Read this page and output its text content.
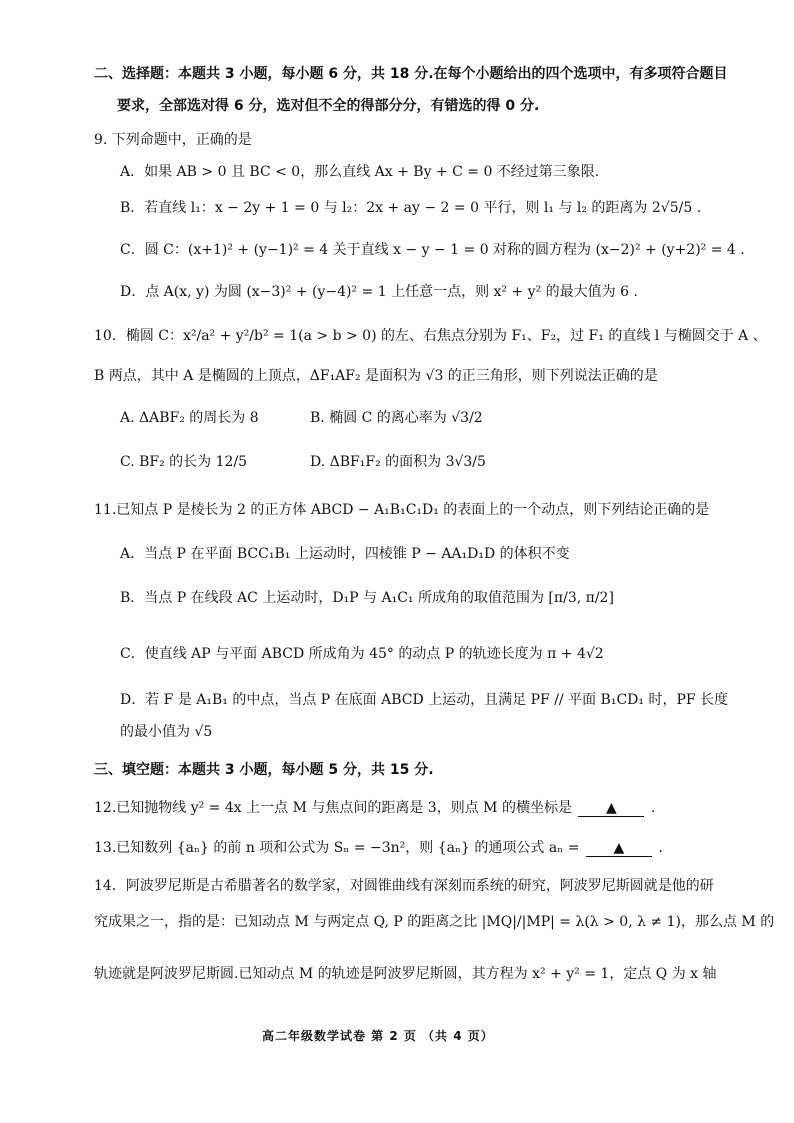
二、选择题：本题共 3 小题，每小题 6 分，共 18 分.在每个小题给出的四个选项中，有多项符合题目
要求，全部选对得 6 分，选对但不全的得部分分，有错选的得 0 分.
9. 下列命题中，正确的是
A．如果 AB > 0 且 BC < 0，那么直线 Ax + By + C = 0 不经过第三象限.
B．若直线 l₁：x − 2y + 1 = 0 与 l₂：2x + ay − 2 = 0 平行，则 l₁ 与 l₂ 的距离为 2√5/5 .
C．圆 C：(x+1)² + (y−1)² = 4 关于直线 x − y − 1 = 0 对称的圆方程为 (x−2)² + (y+2)² = 4 .
D．点 A(x, y) 为圆 (x−3)² + (y−4)² = 1 上任意一点，则 x² + y² 的最大值为 6 .
10．椭圆 C：x²/a² + y²/b² = 1(a > b > 0) 的左、右焦点分别为 F₁、F₂，过 F₁ 的直线 l 与椭圆交于 A 、
B 两点，其中 A 是椭圆的上顶点，ΔF₁AF₂ 是面积为 √3 的正三角形，则下列说法正确的是
A. ΔABF₂ 的周长为 8	B. 椭圆 C 的离心率为 √3/2
C. BF₂ 的长为 12/5	D. ΔBF₁F₂ 的面积为 3√3/5
11.已知点 P 是棱长为 2 的正方体 ABCD − A₁B₁C₁D₁ 的表面上的一个动点，则下列结论正确的是
A．当点 P 在平面 BCC₁B₁ 上运动时，四棱锥 P − AA₁D₁D 的体积不变
B．当点 P 在线段 AC 上运动时，D₁P 与 A₁C₁ 所成角的取值范围为 [π/3, π/2]
C．使直线 AP 与平面 ABCD 所成角为 45° 的动点 P 的轨迹长度为 π + 4√2
D．若 F 是 A₁B₁ 的中点，当点 P 在底面 ABCD 上运动，且满足 PF // 平面 B₁CD₁ 时，PF 长度
的最小值为 √5
三、填空题：本题共 3 小题，每小题 5 分，共 15 分.
12.已知抛物线 y² = 4x 上一点 M 与焦点间的距离是 3，则点 M 的横坐标是 ▲ .
13.已知数列 {aₙ} 的前 n 项和公式为 Sₙ = −3n²，则 {aₙ} 的通项公式 aₙ = ▲ .
14．阿波罗尼斯是古希腊著名的数学家，对圆锥曲线有深刻而系统的研究，阿波罗尼斯圆就是他的研
究成果之一，指的是：已知动点 M 与两定点 Q, P 的距离之比 |MQ|/|MP| = λ(λ > 0, λ ≠ 1)，那么点 M 的
轨迹就是阿波罗尼斯圆.已知动点 M 的轨迹是阿波罗尼斯圆，其方程为 x² + y² = 1，定点 Q 为 x 轴
高二年级数学试卷 第 2 页 （共 4 页）
